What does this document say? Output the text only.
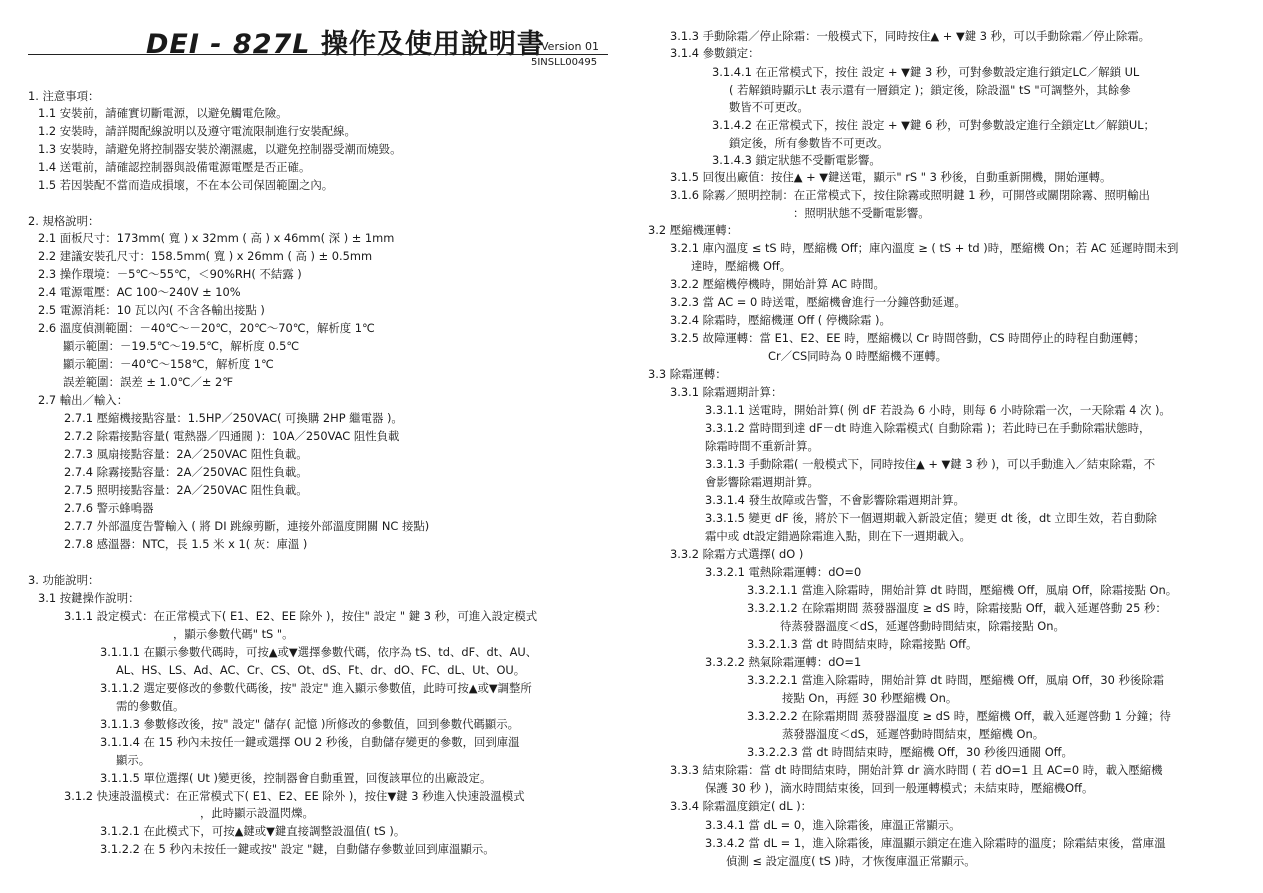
DEI - 827L 操作及使用說明書
Version 01
5INSLL00495
1. 注意事項：
1.1 安裝前，請確實切斷電源，以避免觸電危險。
1.2 安裝時，請詳閱配線說明以及遵守電流限制進行安裝配線。
1.3 安裝時，請避免將控制器安裝於潮濕處，以避免控制器受潮而燒毀。
1.4 送電前，請確認控制器與設備電源電壓是否正確。
1.5 若因裝配不當而造成損壞，不在本公司保固範圍之內。
2. 規格說明：
2.1 面板尺寸：173mm( 寬 ) x 32mm ( 高 ) x 46mm( 深 ) ± 1mm
2.2 建議安裝孔尺寸：158.5mm( 寬 ) x 26mm ( 高 ) ± 0.5mm
2.3 操作環境：－5℃～55℃，＜90%RH( 不結露 )
2.4 電源電壓：AC 100～240V ± 10%
2.5 電源消耗：10 瓦以內( 不含各輸出接點 )
2.6 溫度偵測範圍：－40℃～－20℃，20℃～70℃，解析度 1℃
顯示範圍：－19.5℃～19.5℃，解析度 0.5℃
顯示範圍：－40℃～158℃，解析度 1℃
誤差範圍：誤差 ± 1.0℃／± 2℉
2.7 輸出／輸入：
2.7.1 壓縮機接點容量：1.5HP／250VAC( 可換購 2HP 繼電器 )。
2.7.2 除霜接點容量( 電熱器／四通閥 )：10A／250VAC 阻性負載
2.7.3 風扇接點容量：2A／250VAC 阻性負載。
2.7.4 除霧接點容量：2A／250VAC 阻性負載。
2.7.5 照明接點容量：2A／250VAC 阻性負載。
2.7.6 警示蜂鳴器
2.7.7 外部溫度告警輸入 ( 將 DI 跳線剪斷，連接外部溫度開關 NC 接點)
2.7.8 感溫器：NTC，長 1.5 米 x 1( 灰：庫溫 )
3. 功能說明：
3.1 按鍵操作說明：
3.1.1 設定模式：在正常模式下( E1、E2、EE 除外 )，按住" 設定 " 鍵 3 秒，可進入設定模式
，顯示參數代碼" tS "。
3.1.1.1 在顯示參數代碼時，可按▲或▼選擇參數代碼，依序為 tS、td、dF、dt、AU、
AL、HS、LS、Ad、AC、Cr、CS、Ot、dS、Ft、dr、dO、FC、dL、Ut、OU。
3.1.1.2 選定要修改的參數代碼後，按" 設定" 進入顯示參數值，此時可按▲或▼調整所
需的參數值。
3.1.1.3 參數修改後，按" 設定" 儲存( 記憶 )所修改的參數值，回到參數代碼顯示。
3.1.1.4 在 15 秒內未按任一鍵或選擇 OU 2 秒後，自動儲存變更的參數，回到庫溫
顯示。
3.1.1.5 單位選擇( Ut )變更後，控制器會自動重置，回復該單位的出廠設定。
3.1.2 快速設溫模式：在正常模式下( E1、E2、EE 除外 )，按住▼鍵 3 秒進入快速設溫模式
，此時顯示設溫閃爍。
3.1.2.1 在此模式下，可按▲鍵或▼鍵直接調整設溫值( tS )。
3.1.2.2 在 5 秒內未按任一鍵或按" 設定 "鍵，自動儲存參數並回到庫溫顯示。
3.1.3 手動除霜／停止除霜：一般模式下，同時按住▲ + ▼鍵 3 秒，可以手動除霜／停止除霜。
3.1.4 參數鎖定：
3.1.4.1 在正常模式下，按住 設定 + ▼鍵 3 秒，可對參數設定進行鎖定LC／解鎖 UL
( 若解鎖時顯示Lt 表示還有一層鎖定 )；鎖定後，除設溫" tS "可調整外，其餘參
數皆不可更改。
3.1.4.2 在正常模式下，按住 設定 + ▼鍵 6 秒，可對參數設定進行全鎖定Lt／解鎖UL；
鎖定後，所有參數皆不可更改。
3.1.4.3 鎖定狀態不受斷電影響。
3.1.5 回復出廠值：按住▲ + ▼鍵送電，顯示" rS " 3 秒後，自動重新開機，開始運轉。
3.1.6 除霧／照明控制：在正常模式下，按住除霧或照明鍵 1 秒，可開啓或關閉除霧、照明輸出
：照明狀態不受斷電影響。
3.2 壓縮機運轉：
3.2.1 庫內溫度 ≤ tS 時，壓縮機 Off；庫內溫度 ≥ ( tS + td )時，壓縮機 On；若 AC 延遲時間未到
達時，壓縮機 Off。
3.2.2 壓縮機停機時，開始計算 AC 時間。
3.2.3 當 AC = 0 時送電，壓縮機會進行一分鐘啓動延遲。
3.2.4 除霜時，壓縮機運 Off ( 停機除霜 )。
3.2.5 故障運轉：當 E1、E2、EE 時，壓縮機以 Cr 時間啓動，CS 時間停止的時程自動運轉；
Cr／CS同時為 0 時壓縮機不運轉。
3.3 除霜運轉：
3.3.1 除霜週期計算：
3.3.1.1 送電時，開始計算( 例 dF 若設為 6 小時，則每 6 小時除霜一次，一天除霜 4 次 )。
3.3.1.2 當時間到達 dF－dt 時進入除霜模式( 自動除霜 )；若此時已在手動除霜狀態時，
除霜時間不重新計算。
3.3.1.3 手動除霜( 一般模式下，同時按住▲ + ▼鍵 3 秒 )，可以手動進入／結束除霜，不
會影響除霜週期計算。
3.3.1.4 發生故障或告警，不會影響除霜週期計算。
3.3.1.5 變更 dF 後，將於下一個週期載入新設定值；變更 dt 後，dt 立即生效，若自動除
霜中或 dt設定錯過除霜進入點，則在下一週期載入。
3.3.2 除霜方式選擇( dO )
3.3.2.1 電熱除霜運轉：dO=0
3.3.2.1.1 當進入除霜時，開始計算 dt 時間，壓縮機 Off，風扇 Off，除霜接點 On。
3.3.2.1.2 在除霜期間 蒸發器溫度 ≥ dS 時，除霜接點 Off，載入延遲啓動 25 秒：
待蒸發器溫度＜dS，延遲啓動時間結束，除霜接點 On。
3.3.2.1.3 當 dt 時間結束時，除霜接點 Off。
3.3.2.2 熱氣除霜運轉：dO=1
3.3.2.2.1 當進入除霜時，開始計算 dt 時間，壓縮機 Off，風扇 Off，30 秒後除霜
接點 On，再經 30 秒壓縮機 On。
3.3.2.2.2 在除霜期間 蒸發器溫度 ≥ dS 時，壓縮機 Off，載入延遲啓動 1 分鐘；待
蒸發器溫度＜dS，延遲啓動時間結束，壓縮機 On。
3.3.2.2.3 當 dt 時間結束時，壓縮機 Off，30 秒後四通閥 Off。
3.3.3 結束除霜：當 dt 時間結束時，開始計算 dr 滴水時間 ( 若 dO=1 且 AC=0 時，載入壓縮機
保護 30 秒 )，滴水時間結束後，回到一般運轉模式；未結束時，壓縮機Off。
3.3.4 除霜溫度鎖定( dL )：
3.3.4.1 當 dL = 0，進入除霜後，庫溫正常顯示。
3.3.4.2 當 dL = 1，進入除霜後，庫溫顯示鎖定在進入除霜時的溫度；除霜結束後，當庫溫
偵測 ≤ 設定溫度( tS )時，才恢復庫溫正常顯示。
